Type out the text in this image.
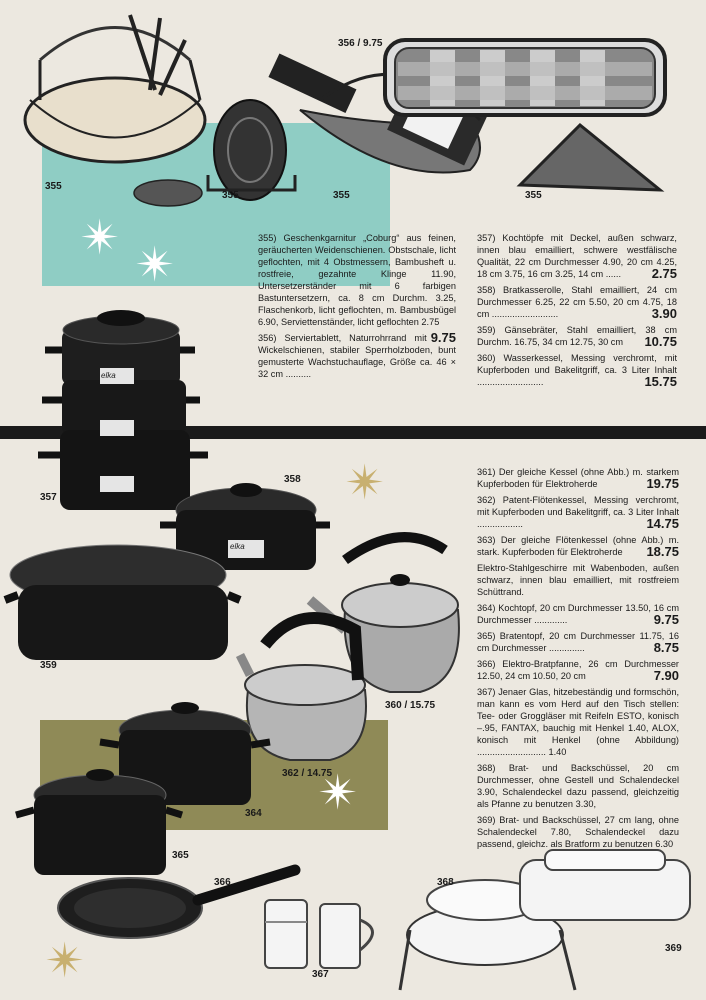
✴
✴
✴
✴
✴
elka
elka
355
355	355	355
356 / 9.75
357
358
359
360 / 15.75
362 / 14.75
364
365
366
367
368
369

355) Geschenkgarnitur „Coburg“ aus feinen, geräucherten Weidenschienen. Obstschale, licht geflochten, mit 4 Obstmessern, Bambusheft u. rostfreie, gezahnte Klinge 11.90, Untersetzerständer mit 6 farbigen Bastuntersetzern, ca. 8 cm Durchm. 3.25, Flaschenkorb, licht geflochten, m. Bambusbügel 6.90, Serviettenständer, licht geflochten 2.75

9.75
356) Serviertablett, Naturrohrrand mit Wickelschienen, stabiler Sperrholzboden, bunt gemusterte Wachstuchauflage, Größe ca. 46 × 32 cm ..........

357) Kochtöpfe mit Deckel, außen schwarz, innen blau emailliert, schwere westfälische Qualität, 22 cm Durchmesser 4.90, 20 cm 4.25, 18 cm 3.75, 16 cm 3.25, 14 cm ...... 2.75

358) Bratkasserolle, Stahl emailliert, 24 cm Durchmesser 6.25, 22 cm 5.50, 20 cm 4.75, 18 cm ..........................	3.90

359) Gänsebräter, Stahl emailliert, 38 cm Durchm. 16.75, 34 cm 12.75, 30 cm 10.75

360) Wasserkessel, Messing verchromt, mit Kupferboden und Bakelitgriff, ca. 3 Liter Inhalt ..........................	15.75

361) Der gleiche Kessel (ohne Abb.) m. starkem Kupferboden für Elektroherde	19.75

362) Patent-Flötenkessel, Messing verchromt, mit Kupferboden und Bakelitgriff, ca. 3 Liter Inhalt ..................	14.75

363) Der gleiche Flötenkessel (ohne Abb.) m. stark. Kupferboden für Elektroherde 18.75

Elektro-Stahlgeschirre mit Wabenboden, außen schwarz, innen blau emailliert, mit rostfreiem Schüttrand.

364) Kochtopf, 20 cm Durchmesser 13.50, 16 cm Durchmesser .............	9.75

365) Bratentopf, 20 cm Durchmesser 11.75, 16 cm Durchmesser ..............	8.75

366) Elektro-Bratpfanne, 26 cm Durchmesser 12.50, 24 cm 10.50, 20 cm	7.90

367) Jenaer Glas, hitzebeständig und formschön, man kann es vom Herd auf den Tisch stellen: Tee- oder Groggläser mit Reifeln ESTO, konisch –.95, FANTAX, bauchig mit Henkel 1.40, ALOX, konisch mit Henkel (ohne Abbildung) ........................... 1.40

368) Brat- und Backschüssel, 20 cm Durchmesser, ohne Gestell und Schalendeckel 3.90, Schalendeckel dazu passend, gleichzeitig als Pfanne zu benutzen 3.30,

369) Brat- und Backschüssel, 27 cm lang, ohne Schalendeckel 7.80, Schalendeckel dazu passend, gleichz. als Bratform zu benutzen 6.30
